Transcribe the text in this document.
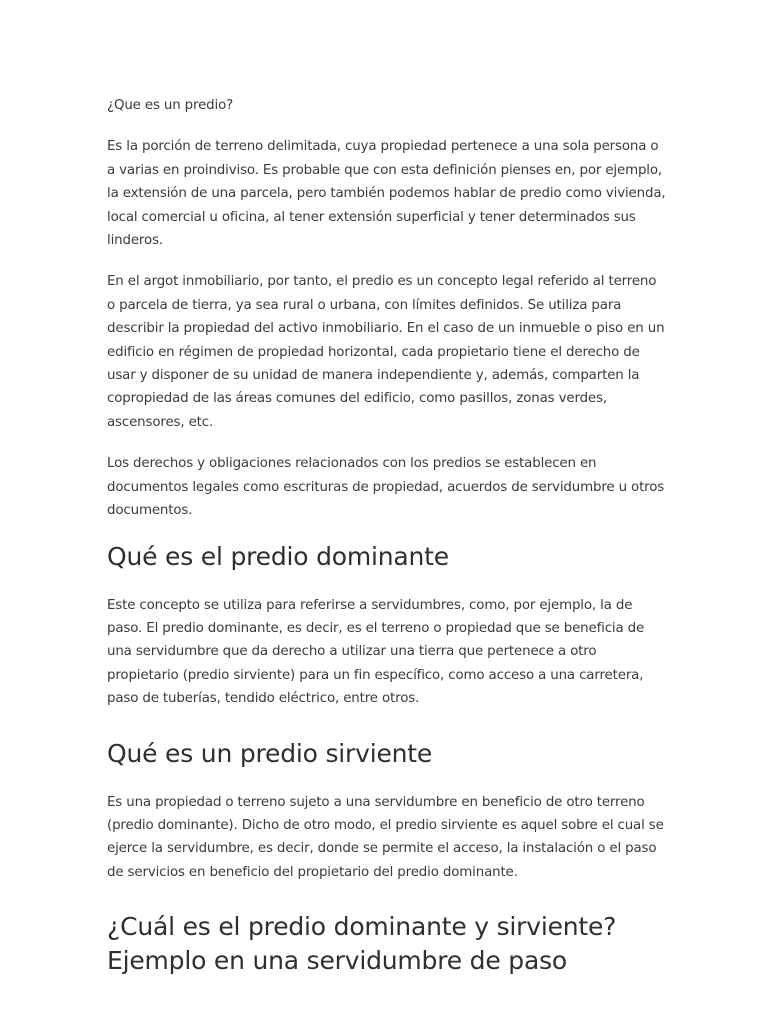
¿Que es un predio?

Es la porción de terreno delimitada, cuya propiedad pertenece a una sola persona o a varias en proindiviso. Es probable que con esta definición pienses en, por ejemplo, la extensión de una parcela, pero también podemos hablar de predio como vivienda, local comercial u oficina, al tener extensión superficial y tener determinados sus linderos.

En el argot inmobiliario, por tanto, el predio es un concepto legal referido al terreno o parcela de tierra, ya sea rural o urbana, con límites definidos. Se utiliza para describir la propiedad del activo inmobiliario. En el caso de un inmueble o piso en un edificio en régimen de propiedad horizontal, cada propietario tiene el derecho de usar y disponer de su unidad de manera independiente y, además, comparten la copropiedad de las áreas comunes del edificio, como pasillos, zonas verdes, ascensores, etc.

Los derechos y obligaciones relacionados con los predios se establecen en documentos legales como escrituras de propiedad, acuerdos de servidumbre u otros documentos.

Qué es el predio dominante

Este concepto se utiliza para referirse a servidumbres, como, por ejemplo, la de paso. El predio dominante, es decir, es el terreno o propiedad que se beneficia de una servidumbre que da derecho a utilizar una tierra que pertenece a otro propietario (predio sirviente) para un fin específico, como acceso a una carretera, paso de tuberías, tendido eléctrico, entre otros.

Qué es un predio sirviente

Es una propiedad o terreno sujeto a una servidumbre en beneficio de otro terreno (predio dominante). Dicho de otro modo, el predio sirviente es aquel sobre el cual se ejerce la servidumbre, es decir, donde se permite el acceso, la instalación o el paso de servicios en beneficio del propietario del predio dominante.

¿Cuál es el predio dominante y sirviente?
Ejemplo en una servidumbre de paso
